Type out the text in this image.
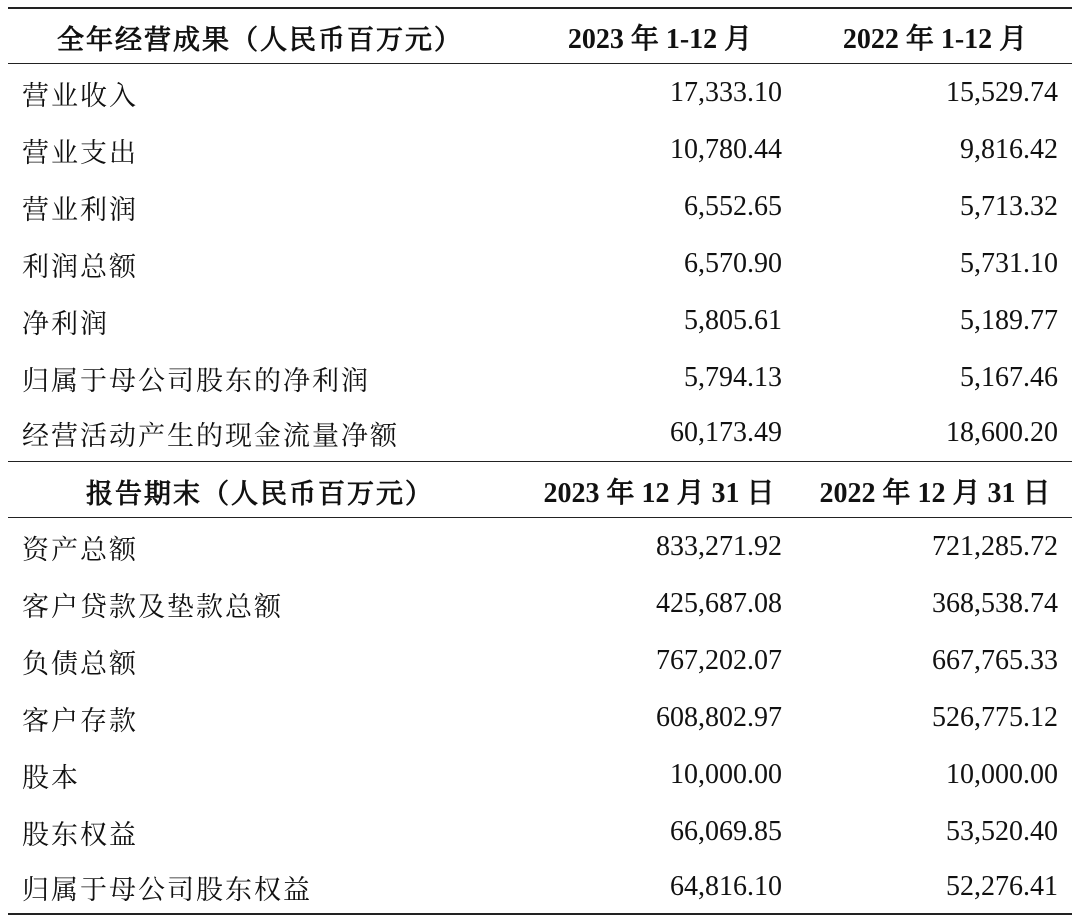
全年经营成果（人民币百万元）	2023 年 1-12 月	2022 年 1-12 月
营业收入	17,333.10	15,529.74
营业支出	10,780.44	9,816.42
营业利润	6,552.65	5,713.32
利润总额	6,570.90	5,731.10
净利润	5,805.61	5,189.77
归属于母公司股东的净利润	5,794.13	5,167.46
经营活动产生的现金流量净额	60,173.49	18,600.20
报告期末（人民币百万元）	2023 年 12 月 31 日	2022 年 12 月 31 日
资产总额	833,271.92	721,285.72
客户贷款及垫款总额	425,687.08	368,538.74
负债总额	767,202.07	667,765.33
客户存款	608,802.97	526,775.12
股本	10,000.00	10,000.00
股东权益	66,069.85	53,520.40
归属于母公司股东权益	64,816.10	52,276.41
